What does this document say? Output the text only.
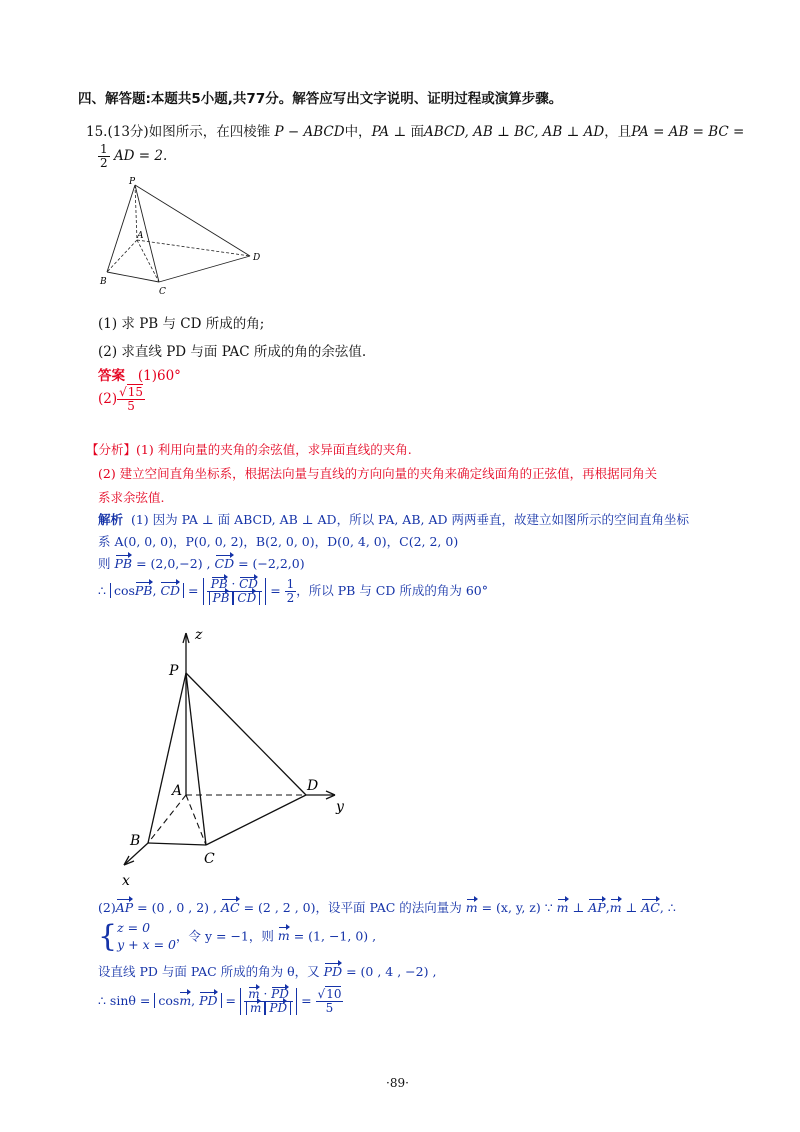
四、解答题:本题共5小题,共77分。解答应写出文字说明、证明过程或演算步骤。
15.(13分)如图所示，在四棱锥 P − ABCD中，PA ⊥ 面ABCD, AB ⊥ BC, AB ⊥ AD，且PA = AB = BC =
$\frac{1}{2}$ AD = 2.
P
A
B
C
D
(1) 求 PB 与 CD 所成的角;
(2) 求直线 PD 与面 PAC 所成的角的余弦值.
答案 (1)60°
$(2) \frac{√15}{5}$
【分析】(1) 利用向量的夹角的余弦值，求异面直线的夹角.
(2) 建立空间直角坐标系，根据法向量与直线的方向向量的夹角来确定线面角的正弦值，再根据同角关
系求余弦值.
解析 (1) 因为 PA ⊥ 面 ABCD, AB ⊥ AD，所以 PA, AB, AD 两两垂直，故建立如图所示的空间直角坐标
系 A(0, 0, 0)，P(0, 0, 2)，B(2, 0, 0)，D(0, 4, 0)，C(2, 2, 0)
则 PB = (2,0,−2) , CD = (−2,2,0)
∴ cosPB, CD = $\frac{PB \cdot CD}{\text{PB CD}} = \frac{1}{2}$ ，所以 PB 与 CD 所成的角为 60°
z
P
A	D
y
B
C
x
(2)AP = (0 , 0 , 2) , AC = (2 , 2 , 0)，设平面 PAC 的法向量为 m = (x, y, z) ∵ m ⊥ AP,m ⊥ AC, ∴
{z = 0
y + x = 0，令 y = −1，则 m = (1, −1, 0) ,
设直线 PD 与面 PAC 所成的角为 θ，又 PD = (0 , 4 , −2) ,
∴ sinθ = cosm, PD = $\frac{m \cdot PD}{\text{m PD}} = \frac{√10}{5}$
·89·
